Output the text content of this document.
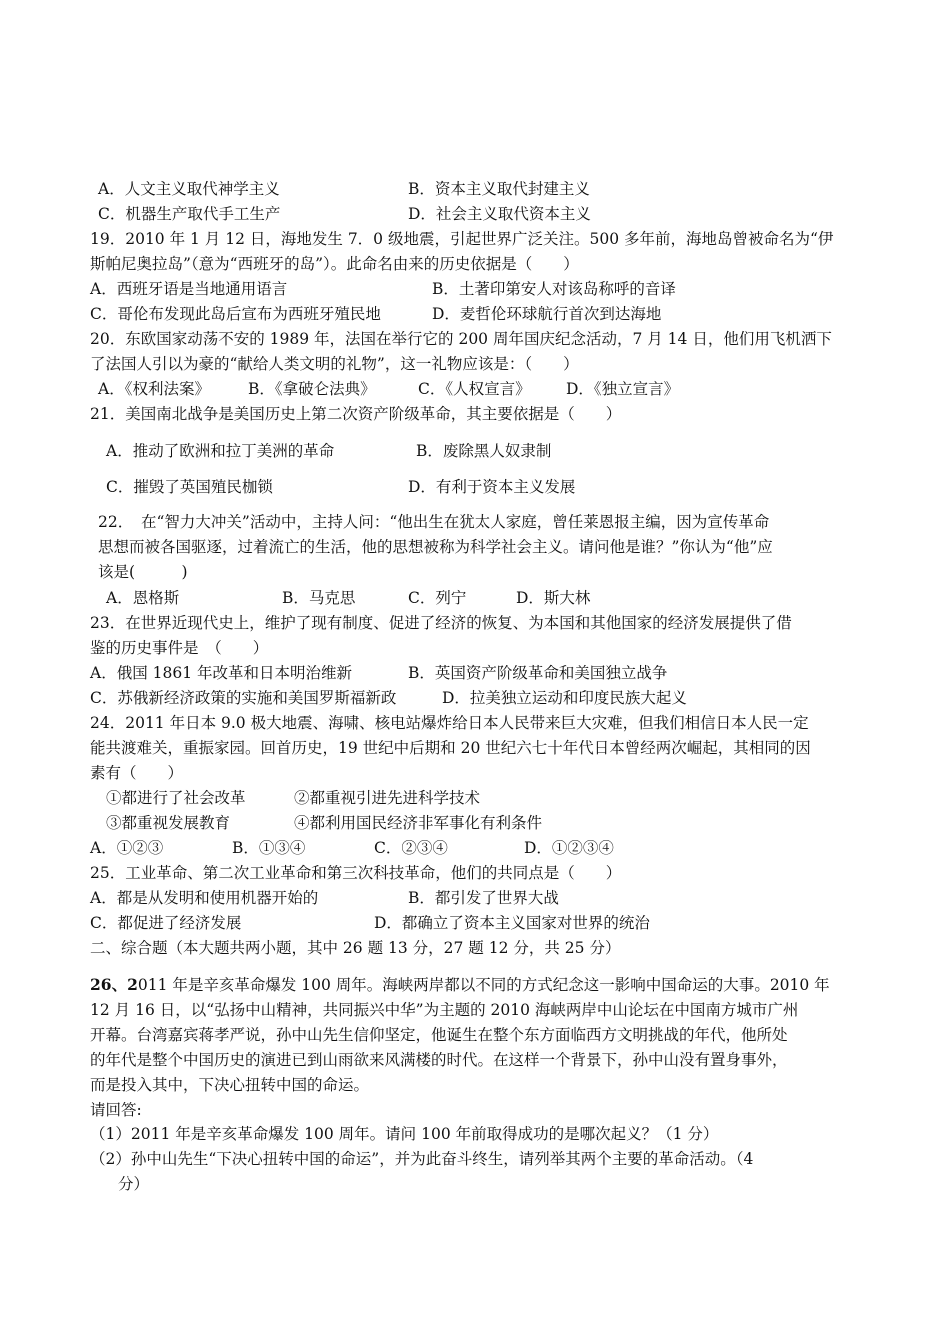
A．人文主义取代神学主义	B．资本主义取代封建主义
C．机器生产取代手工生产	D．社会主义取代资本主义
19．2010 年 1 月 12 日，海地发生 7．0 级地震，引起世界广泛关注。500 多年前，海地岛曾被命名为“伊
斯帕尼奥拉岛”（意为“西班牙的岛”）。此命名由来的历史依据是（　　）
A．西班牙语是当地通用语言	B．土著印第安人对该岛称呼的音译
C．哥伦布发现此岛后宣布为西班牙殖民地	D．麦哲伦环球航行首次到达海地
20．东欧国家动荡不安的 1989 年，法国在举行它的 200 周年国庆纪念活动，7 月 14 日，他们用飞机洒下
了法国人引以为豪的“献给人类文明的礼物”，这一礼物应该是：（　　）
A．《权利法案》 B．《拿破仑法典》	C．《人权宣言》 D．《独立宣言》
21．美国南北战争是美国历史上第二次资产阶级革命，其主要依据是（　　）
A．推动了欧洲和拉丁美洲的革命	B．废除黑人奴隶制
C．摧毁了英国殖民枷锁	D．有利于资本主义发展
22．　在“智力大冲关”活动中，主持人问：“他出生在犹太人家庭，曾任莱恩报主编，因为宣传革命
思想而被各国驱逐，过着流亡的生活，他的思想被称为科学社会主义。请问他是谁？”你认为“他”应
该是(　　　)
A．恩格斯	B．马克思	C．列宁	D．斯大林
23．在世界近现代史上，维护了现有制度、促进了经济的恢复、为本国和其他国家的经济发展提供了借
鉴的历史事件是　（　　）
A．俄国 1861 年改革和日本明治维新	B．英国资产阶级革命和美国独立战争
C．苏俄新经济政策的实施和美国罗斯福新政	D．拉美独立运动和印度民族大起义
24．2011 年日本 9.0 极大地震、海啸、核电站爆炸给日本人民带来巨大灾难，但我们相信日本人民一定
能共渡难关，重振家园。回首历史，19 世纪中后期和 20 世纪六七十年代日本曾经两次崛起，其相同的因
素有（　　）
①都进行了社会改革	②都重视引进先进科学技术
③都重视发展教育	④都利用国民经济非军事化有利条件
A．①②③	B．①③④	C．②③④	D．①②③④
25．工业革命、第二次工业革命和第三次科技革命，他们的共同点是（　　）
A．都是从发明和使用机器开始的	B．都引发了世界大战
C．都促进了经济发展	D．都确立了资本主义国家对世界的统治
二、综合题（本大题共两小题，其中 26 题 13 分，27 题 12 分，共 25 分）
26、2011 年是辛亥革命爆发 100 周年。海峡两岸都以不同的方式纪念这一影响中国命运的大事。2010 年
12 月 16 日，以“弘扬中山精神，共同振兴中华”为主题的 2010 海峡两岸中山论坛在中国南方城市广州
开幕。台湾嘉宾蒋孝严说，孙中山先生信仰坚定，他诞生在整个东方面临西方文明挑战的年代，他所处
的年代是整个中国历史的演进已到山雨欲来风满楼的时代。在这样一个背景下，孙中山没有置身事外，
而是投入其中，下决心扭转中国的命运。
请回答:
（1）2011 年是辛亥革命爆发 100 周年。请问 100 年前取得成功的是哪次起义？（1 分）
（2）孙中山先生“下决心扭转中国的命运”，并为此奋斗终生，请列举其两个主要的革命活动。（4
分）
